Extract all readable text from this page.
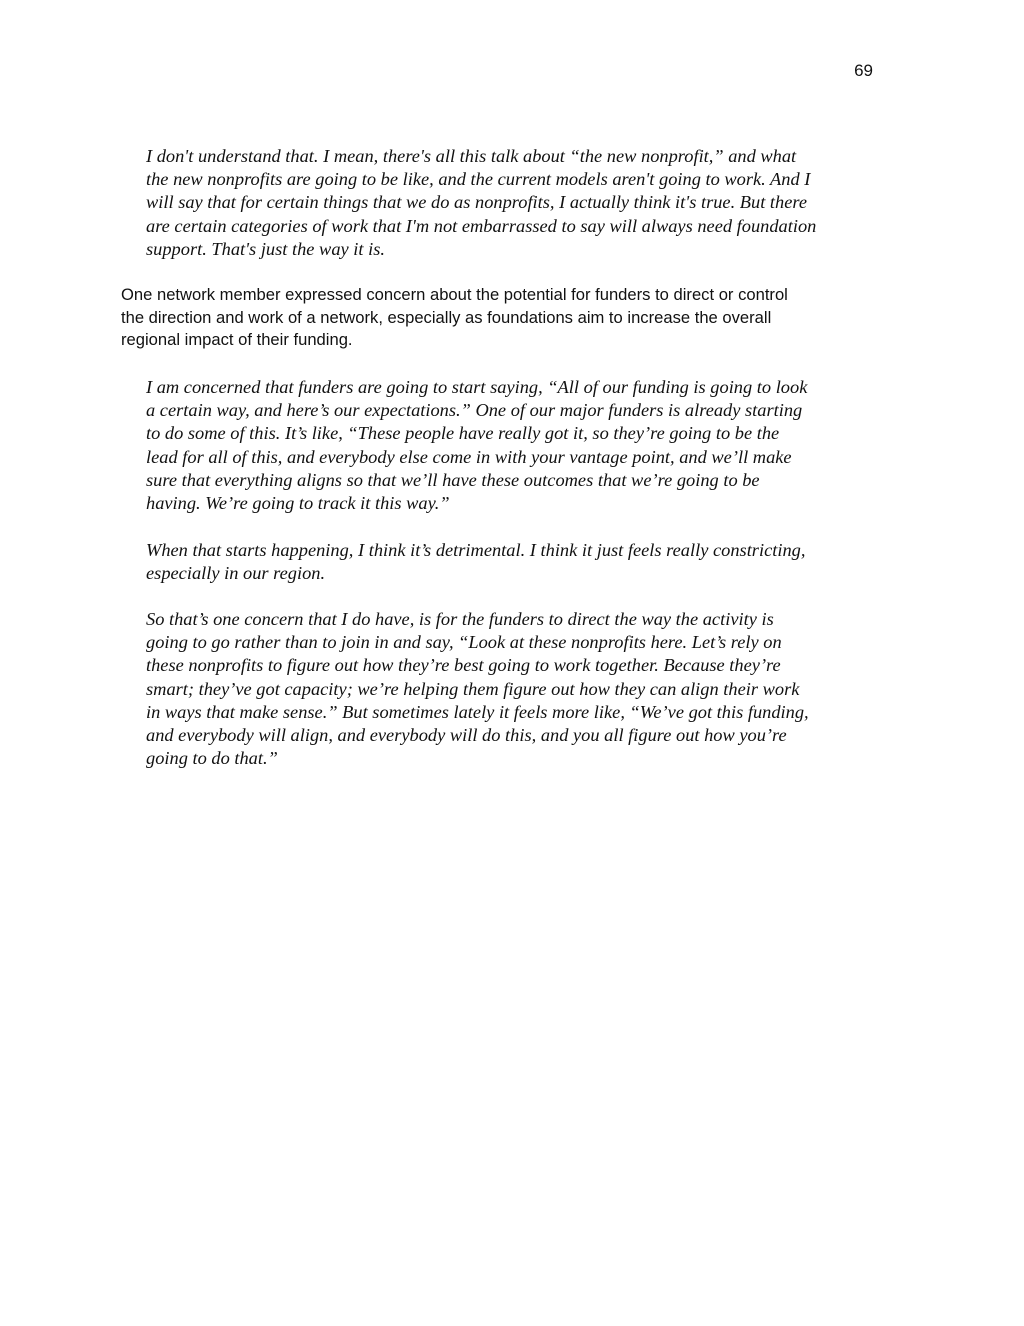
69

I don't understand that. I mean, there's all this talk about “the new nonprofit,” and what
the new nonprofits are going to be like, and the current models aren't going to work. And I
will say that for certain things that we do as nonprofits, I actually think it's true. But there
are certain categories of work that I'm not embarrassed to say will always need foundation
support. That's just the way it is.

One network member expressed concern about the potential for funders to direct or control
the direction and work of a network, especially as foundations aim to increase the overall
regional impact of their funding.

I am concerned that funders are going to start saying, “All of our funding is going to look
a certain way, and here’s our expectations.” One of our major funders is already starting
to do some of this. It’s like, “These people have really got it, so they’re going to be the
lead for all of this, and everybody else come in with your vantage point, and we’ll make
sure that everything aligns so that we’ll have these outcomes that we’re going to be
having. We’re going to track it this way.”

When that starts happening, I think it’s detrimental. I think it just feels really constricting,
especially in our region.

So that’s one concern that I do have, is for the funders to direct the way the activity is
going to go rather than to join in and say, “Look at these nonprofits here. Let’s rely on
these nonprofits to figure out how they’re best going to work together. Because they’re
smart; they’ve got capacity; we’re helping them figure out how they can align their work
in ways that make sense.” But sometimes lately it feels more like, “We’ve got this funding,
and everybody will align, and everybody will do this, and you all figure out how you’re
going to do that.”
